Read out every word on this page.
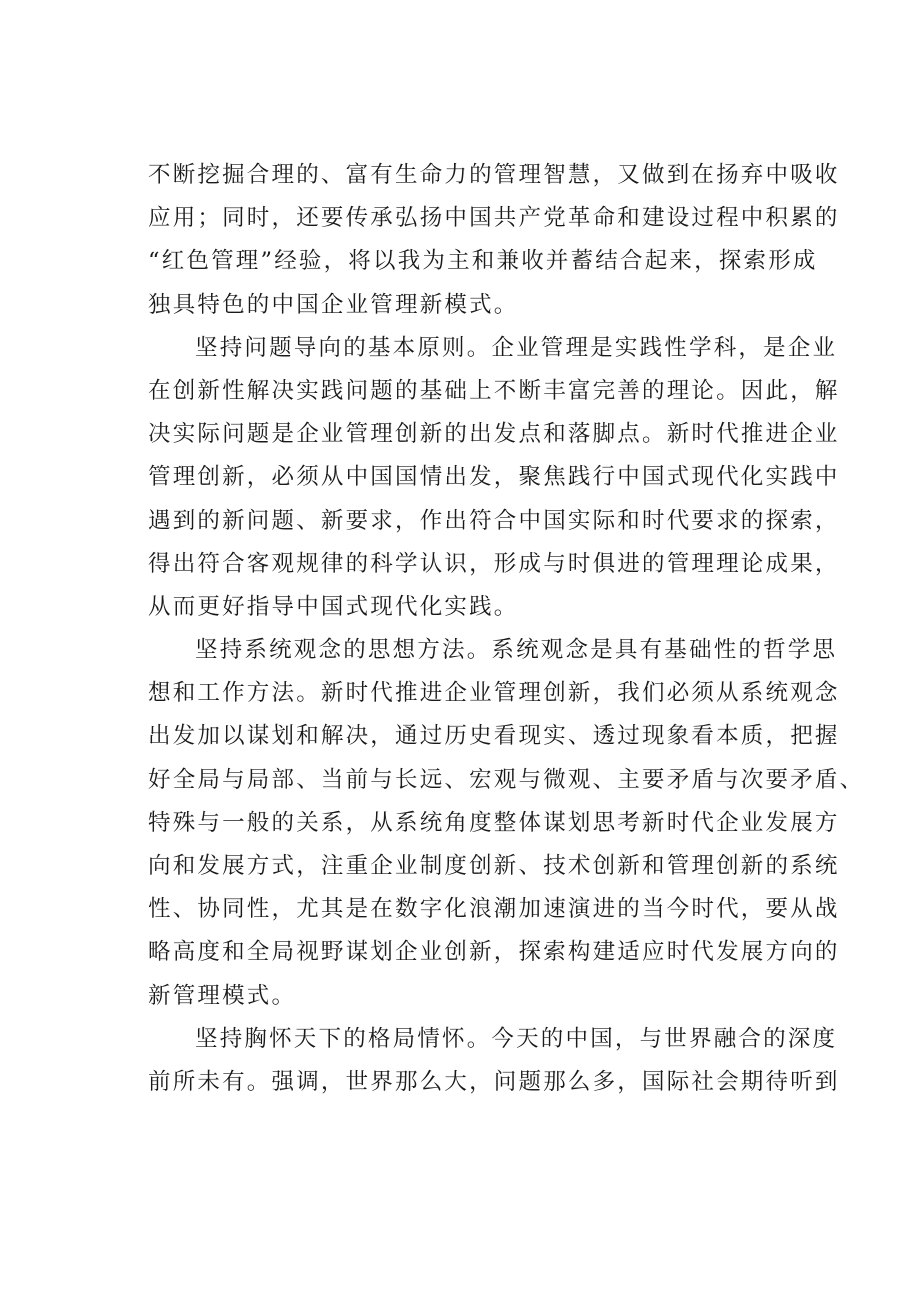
不断挖掘合理的、富有生命力的管理智慧，又做到在扬弃中吸收
应用；同时，还要传承弘扬中国共产党革命和建设过程中积累的
“红色管理”经验，将以我为主和兼收并蓄结合起来，探索形成
独具特色的中国企业管理新模式。
坚持问题导向的基本原则。企业管理是实践性学科，是企业
在创新性解决实践问题的基础上不断丰富完善的理论。因此，解
决实际问题是企业管理创新的出发点和落脚点。新时代推进企业
管理创新，必须从中国国情出发，聚焦践行中国式现代化实践中
遇到的新问题、新要求，作出符合中国实际和时代要求的探索，
得出符合客观规律的科学认识，形成与时俱进的管理理论成果，
从而更好指导中国式现代化实践。
坚持系统观念的思想方法。系统观念是具有基础性的哲学思
想和工作方法。新时代推进企业管理创新，我们必须从系统观念
出发加以谋划和解决，通过历史看现实、透过现象看本质，把握
好全局与局部、当前与长远、宏观与微观、主要矛盾与次要矛盾、
特殊与一般的关系，从系统角度整体谋划思考新时代企业发展方
向和发展方式，注重企业制度创新、技术创新和管理创新的系统
性、协同性，尤其是在数字化浪潮加速演进的当今时代，要从战
略高度和全局视野谋划企业创新，探索构建适应时代发展方向的
新管理模式。
坚持胸怀天下的格局情怀。今天的中国，与世界融合的深度
前所未有。强调，世界那么大，问题那么多，国际社会期待听到
